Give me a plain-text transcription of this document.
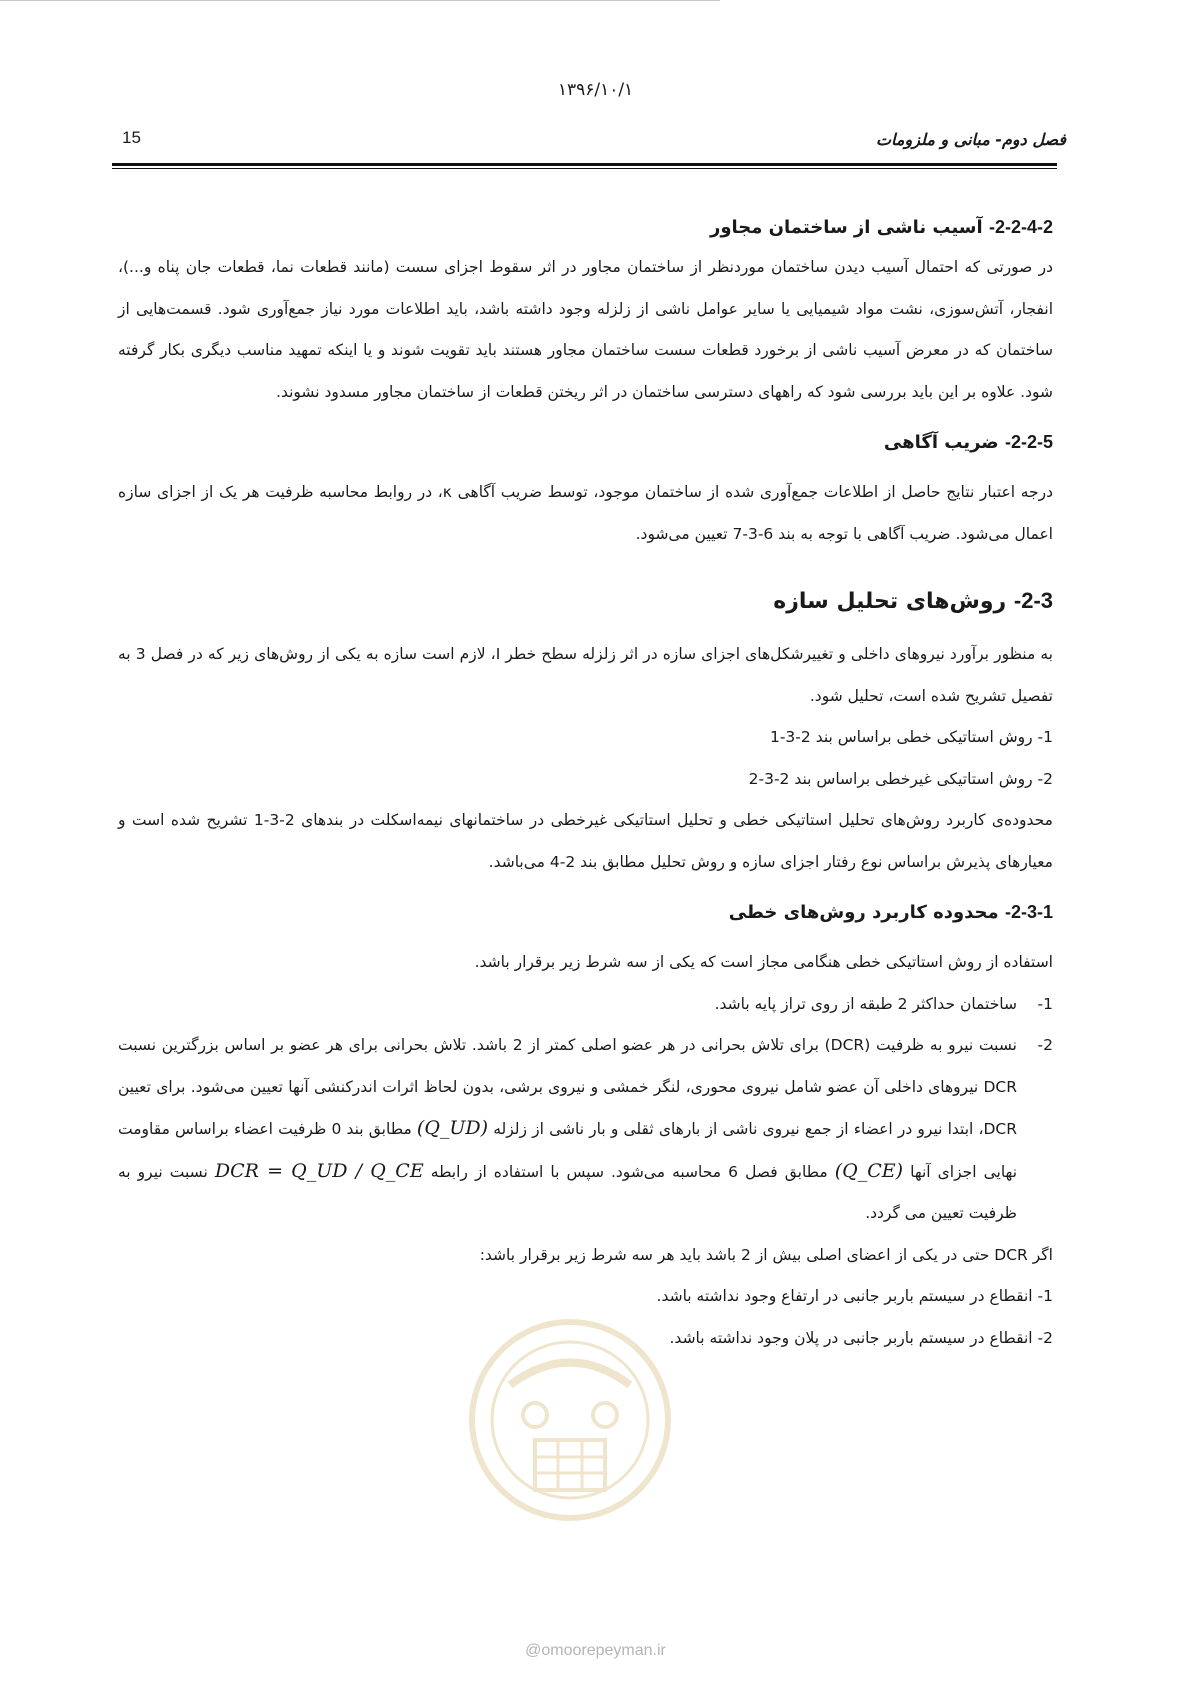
۱۳۹۶/۱۰/۱
15	فصل دوم- مبانی و ملزومات
2-2-4-2- آسیب ناشی از ساختمان مجاور

در صورتی که احتمال آسیب دیدن ساختمان موردنظر از ساختمان مجاور در اثر سقوط اجزای سست (مانند قطعات نما، قطعات جان پناه و...)، انفجار، آتش‌سوزی، نشت مواد شیمیایی یا سایر عوامل ناشی از زلزله وجود داشته باشد، باید اطلاعات مورد نیاز جمع‌آوری شود. قسمت‌هایی از ساختمان که در معرض آسیب ناشی از برخورد قطعات سست ساختمان مجاور هستند باید تقویت شوند و یا اینکه تمهید مناسب دیگری بکار گرفته شود. علاوه بر این باید بررسی شود که راههای دسترسی ساختمان در اثر ریختن قطعات از ساختمان مجاور مسدود نشوند.

2-2-5- ضریب آگاهی

درجه اعتبار نتایج حاصل از اطلاعات جمع‌آوری شده از ساختمان موجود، توسط ضریب آگاهی κ، در روابط محاسبه ظرفیت هر یک از اجزای سازه اعمال می‌شود. ضریب آگاهی با توجه به بند 6-3-7 تعیین می‌شود.

2-3- روش‌های تحلیل سازه

به منظور برآورد نیروهای داخلی و تغییرشکل‌های اجزای سازه در اثر زلزله سطح خطر I، لازم است سازه به یکی از روش‌های زیر که در فصل 3 به تفصیل تشریح شده است، تحلیل شود.

1- روش استاتیکی خطی براساس بند 2-3-1
2- روش استاتیکی غیرخطی براساس بند 2-3-2

محدوده‌ی کاربرد روش‌های تحلیل استاتیکی خطی و تحلیل استاتیکی غیرخطی در ساختمانهای نیمه‌اسکلت در بندهای 2-3-1 تشریح شده است و معیارهای پذیرش براساس نوع رفتار اجزای سازه و روش تحلیل مطابق بند 2-4 می‌باشد.

2-3-1- محدوده کاربرد روش‌های خطی

استفاده از روش استاتیکی خطی هنگامی مجاز است که یکی از سه شرط زیر برقرار باشد.

1-
ساختمان حداکثر 2 طبقه از روی تراز پایه باشد.
2-
نسبت نیرو به ظرفیت (DCR) برای تلاش بحرانی در هر عضو اصلی کمتر از 2 باشد. تلاش بحرانی برای هر عضو بر اساس بزرگترین نسبت DCR نیروهای داخلی آن عضو شامل نیروی محوری، لنگر خمشی و نیروی برشی، بدون لحاظ اثرات اندرکنشی آنها تعیین می‌شود. برای تعیین DCR، ابتدا نیرو در اعضاء از جمع نیروی ناشی از بارهای ثقلی و بار ناشی از زلزله (Q_UD) مطابق بند 0 ظرفیت اعضاء براساس مقاومت نهایی اجزای آنها (Q_CE) مطابق فصل 6 محاسبه می‌شود. سپس با استفاده از رابطه DCR = Q_UD / Q_CE نسبت نیرو به ظرفیت تعیین می گردد.

اگر DCR حتی در یکی از اعضای اصلی بیش از 2 باشد باید هر سه شرط زیر برقرار باشد:

1- انقطاع در سیستم باربر جانبی در ارتفاع وجود نداشته باشد.
2- انقطاع در سیستم باربر جانبی در پلان وجود نداشته باشد.
@omoorepeyman.ir
